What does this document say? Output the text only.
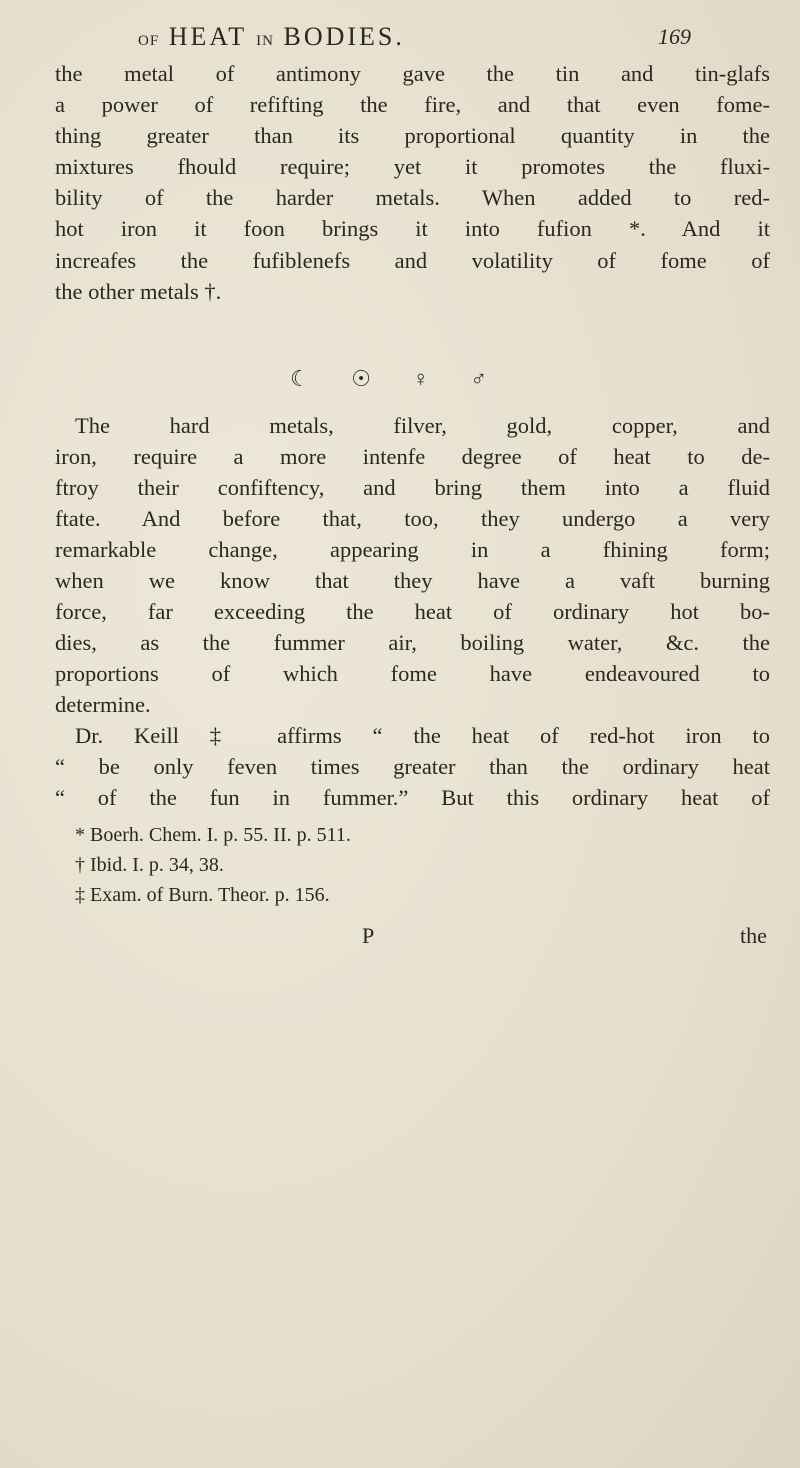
OF HEAT IN BODIES.	169
the metal of antimony gave the tin and tin-glafs
a power of refifting the fire, and that even fome-
thing greater than its proportional quantity in the
mixtures fhould require; yet it promotes the fluxi-
bility of the harder metals. When added to red-
hot iron it foon brings it into fufion *. And it
increafes the fufiblenefs and volatility of fome of
the other metals †.
☾ ☉ ♀ ♂
The hard metals, filver, gold, copper, and
iron, require a more intenfe degree of heat to de-
ftroy their confiftency, and bring them into a fluid
ftate. And before that, too, they undergo a very
remarkable change, appearing in a fhining form;
when we know that they have a vaft burning
force, far exceeding the heat of ordinary hot bo-
dies, as the fummer air, boiling water, &c. the
proportions of which fome have endeavoured to
determine.
Dr. Keill ‡ affirms “ the heat of red-hot iron to
“ be only feven times greater than the ordinary heat
“ of the fun in fummer.” But this ordinary heat of
* Boerh. Chem. I. p. 55. II. p. 511.
† Ibid. I. p. 34, 38.
‡ Exam. of Burn. Theor. p. 156.
P	the
